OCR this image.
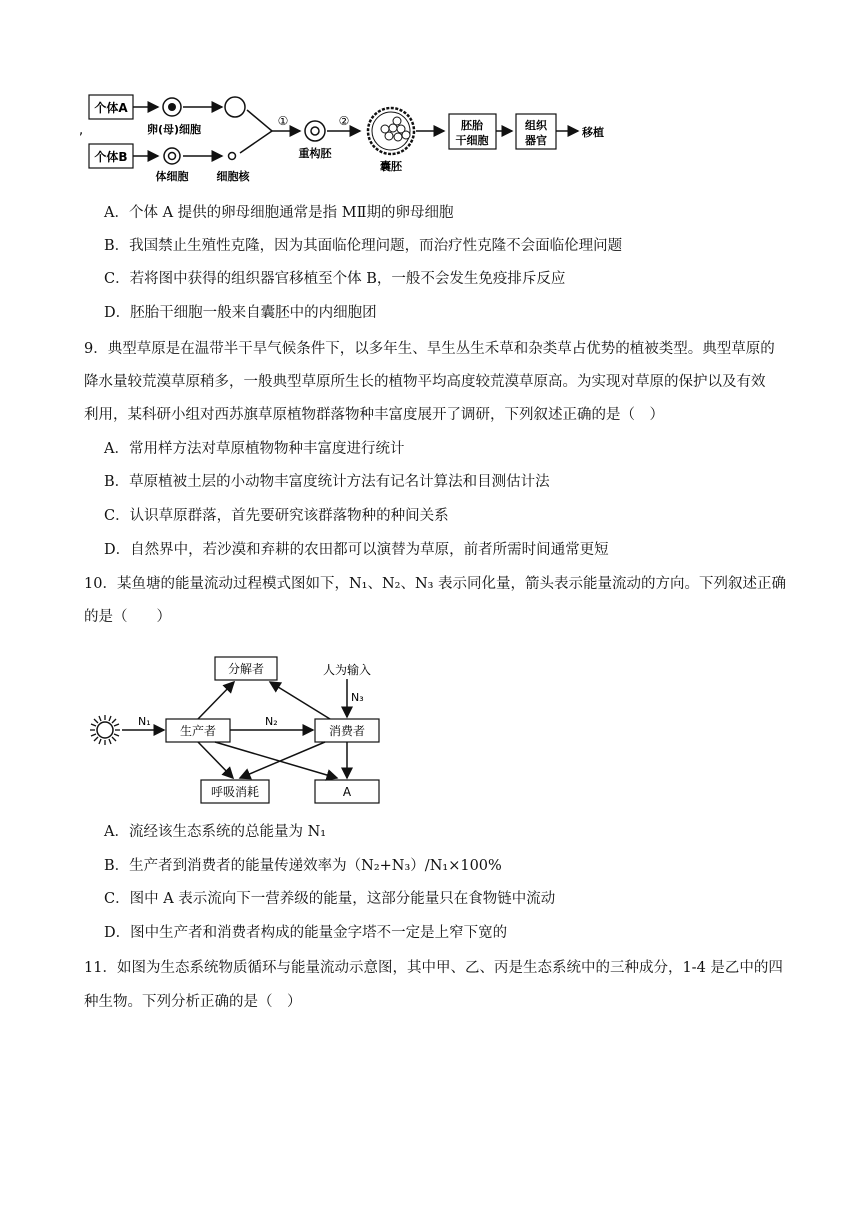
,
个体A
卵(母)细胞
个体B
体细胞	细胞核
①
重构胚
②
囊胚
胚胎
干细胞
组织
器官
移植
A．个体 A 提供的卵母细胞通常是指 MⅡ期的卵母细胞
B．我国禁止生殖性克隆，因为其面临伦理问题，而治疗性克隆不会面临伦理问题
C．若将图中获得的组织器官移植至个体 B，一般不会发生免疫排斥反应
D．胚胎干细胞一般来自囊胚中的内细胞团
9．典型草原是在温带半干旱气候条件下，以多年生、旱生丛生禾草和杂类草占优势的植被类型。典型草原的
降水量较荒漠草原稍多，一般典型草原所生长的植物平均高度较荒漠草原高。为实现对草原的保护以及有效
利用，某科研小组对西苏旗草原植物群落物种丰富度展开了调研，下列叙述正确的是（　）
A．常用样方法对草原植物物种丰富度进行统计
B．草原植被土层的小动物丰富度统计方法有记名计算法和目测估计法
C．认识草原群落，首先要研究该群落物种的种间关系
D．自然界中，若沙漠和弃耕的农田都可以演替为草原，前者所需时间通常更短
10．某鱼塘的能量流动过程模式图如下，N₁、N₂、N₃ 表示同化量，箭头表示能量流动的方向。下列叙述正确
的是（　　）
N₁
生产者	消费者
N₂
分解者	人为输入
N₃
呼吸消耗	A
A．流经该生态系统的总能量为 N₁
B．生产者到消费者的能量传递效率为（N₂+N₃）/N₁×100%
C．图中 A 表示流向下一营养级的能量，这部分能量只在食物链中流动
D．图中生产者和消费者构成的能量金字塔不一定是上窄下宽的
11．如图为生态系统物质循环与能量流动示意图，其中甲、乙、丙是生态系统中的三种成分，1-4 是乙中的四
种生物。下列分析正确的是（　）
